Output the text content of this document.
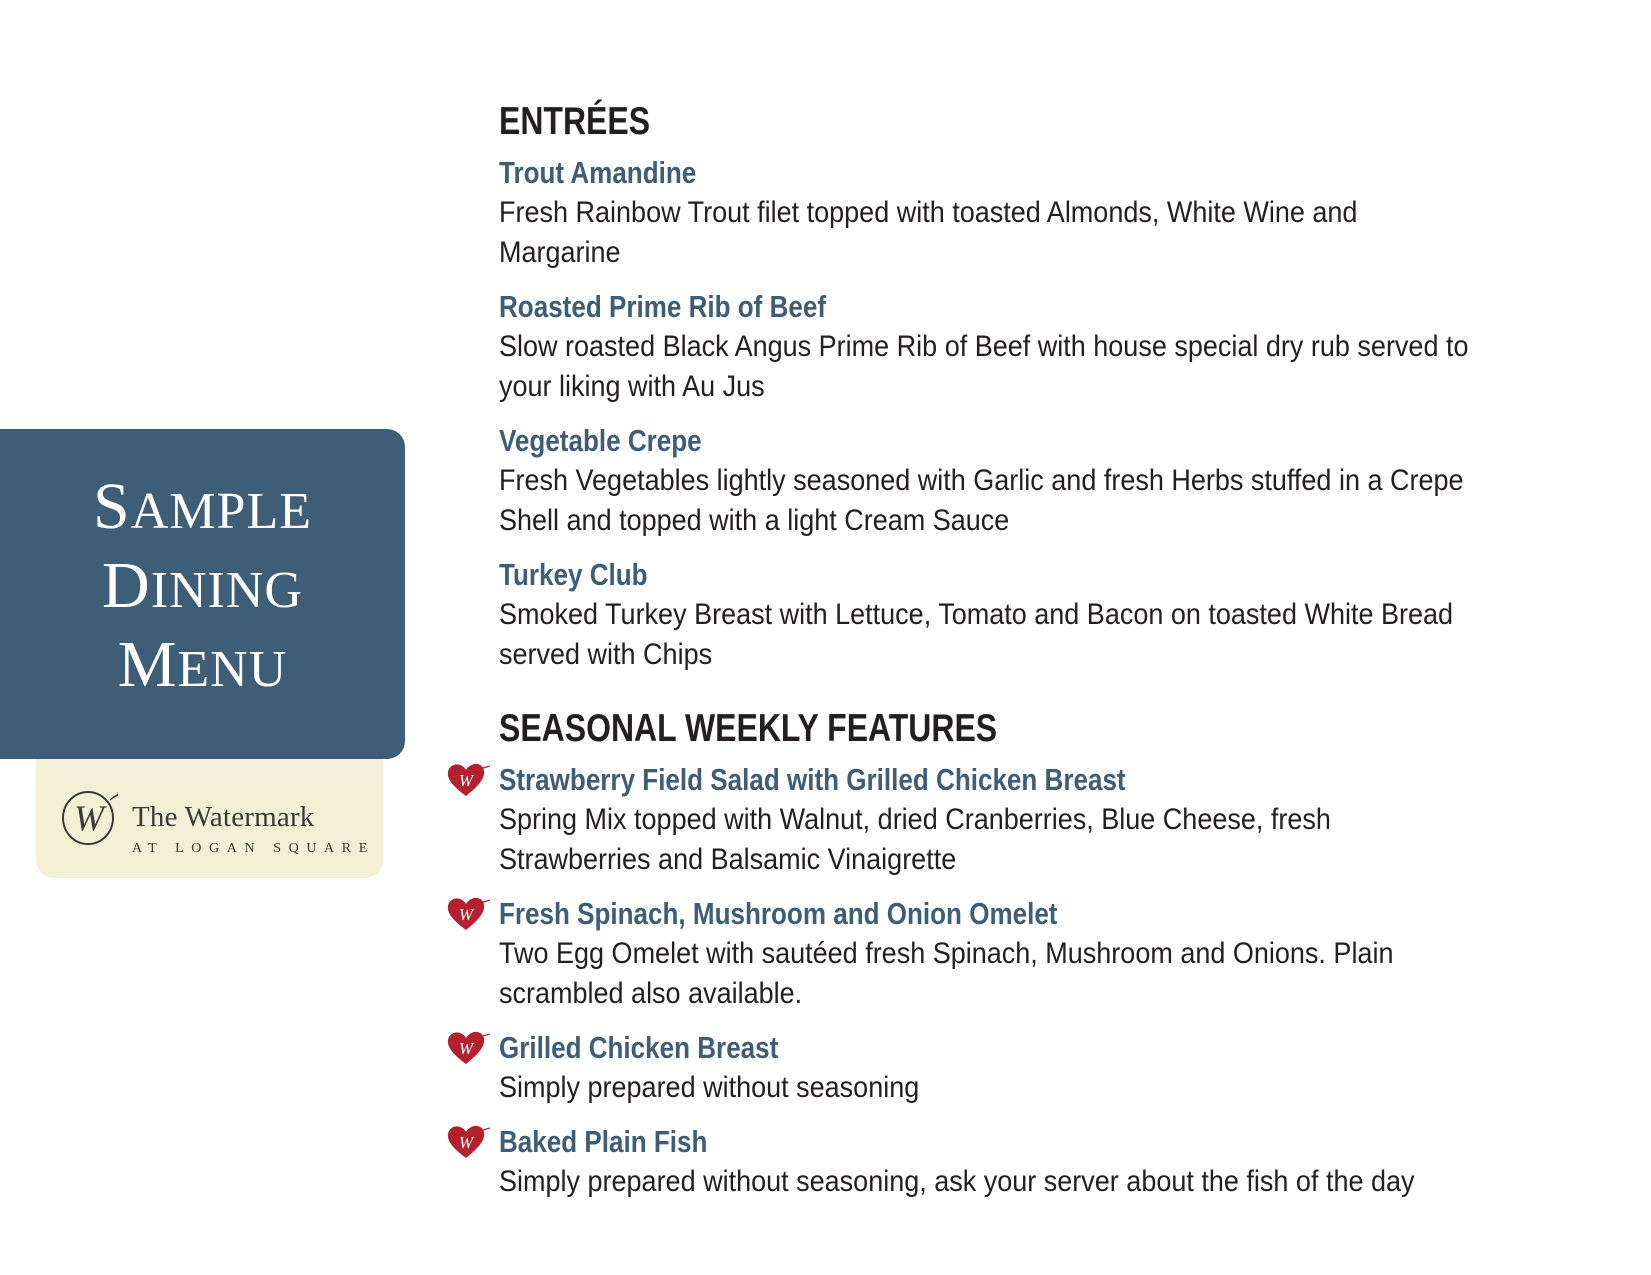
SAMPLE
DINING
MENU
W The Watermark
AT LOGAN SQUARE
ENTRÉES
Trout Amandine
Fresh Rainbow Trout filet topped with toasted Almonds, White Wine and Margarine
Roasted Prime Rib of Beef
Slow roasted Black Angus Prime Rib of Beef with house special dry rub served to your liking with Au Jus
Vegetable Crepe
Fresh Vegetables lightly seasoned with Garlic and fresh Herbs stuffed in a Crepe Shell and topped with a light Cream Sauce
Turkey Club
Smoked Turkey Breast with Lettuce, Tomato and Bacon on toasted White Bread served with Chips
SEASONAL WEEKLY FEATURES
W Strawberry Field Salad with Grilled Chicken Breast
Spring Mix topped with Walnut, dried Cranberries, Blue Cheese, fresh Strawberries and Balsamic Vinaigrette
W Fresh Spinach, Mushroom and Onion Omelet
Two Egg Omelet with sautéed fresh Spinach, Mushroom and Onions. Plain scrambled also available.
W Grilled Chicken Breast
Simply prepared without seasoning
W Baked Plain Fish
Simply prepared without seasoning, ask your server about the fish of the day
